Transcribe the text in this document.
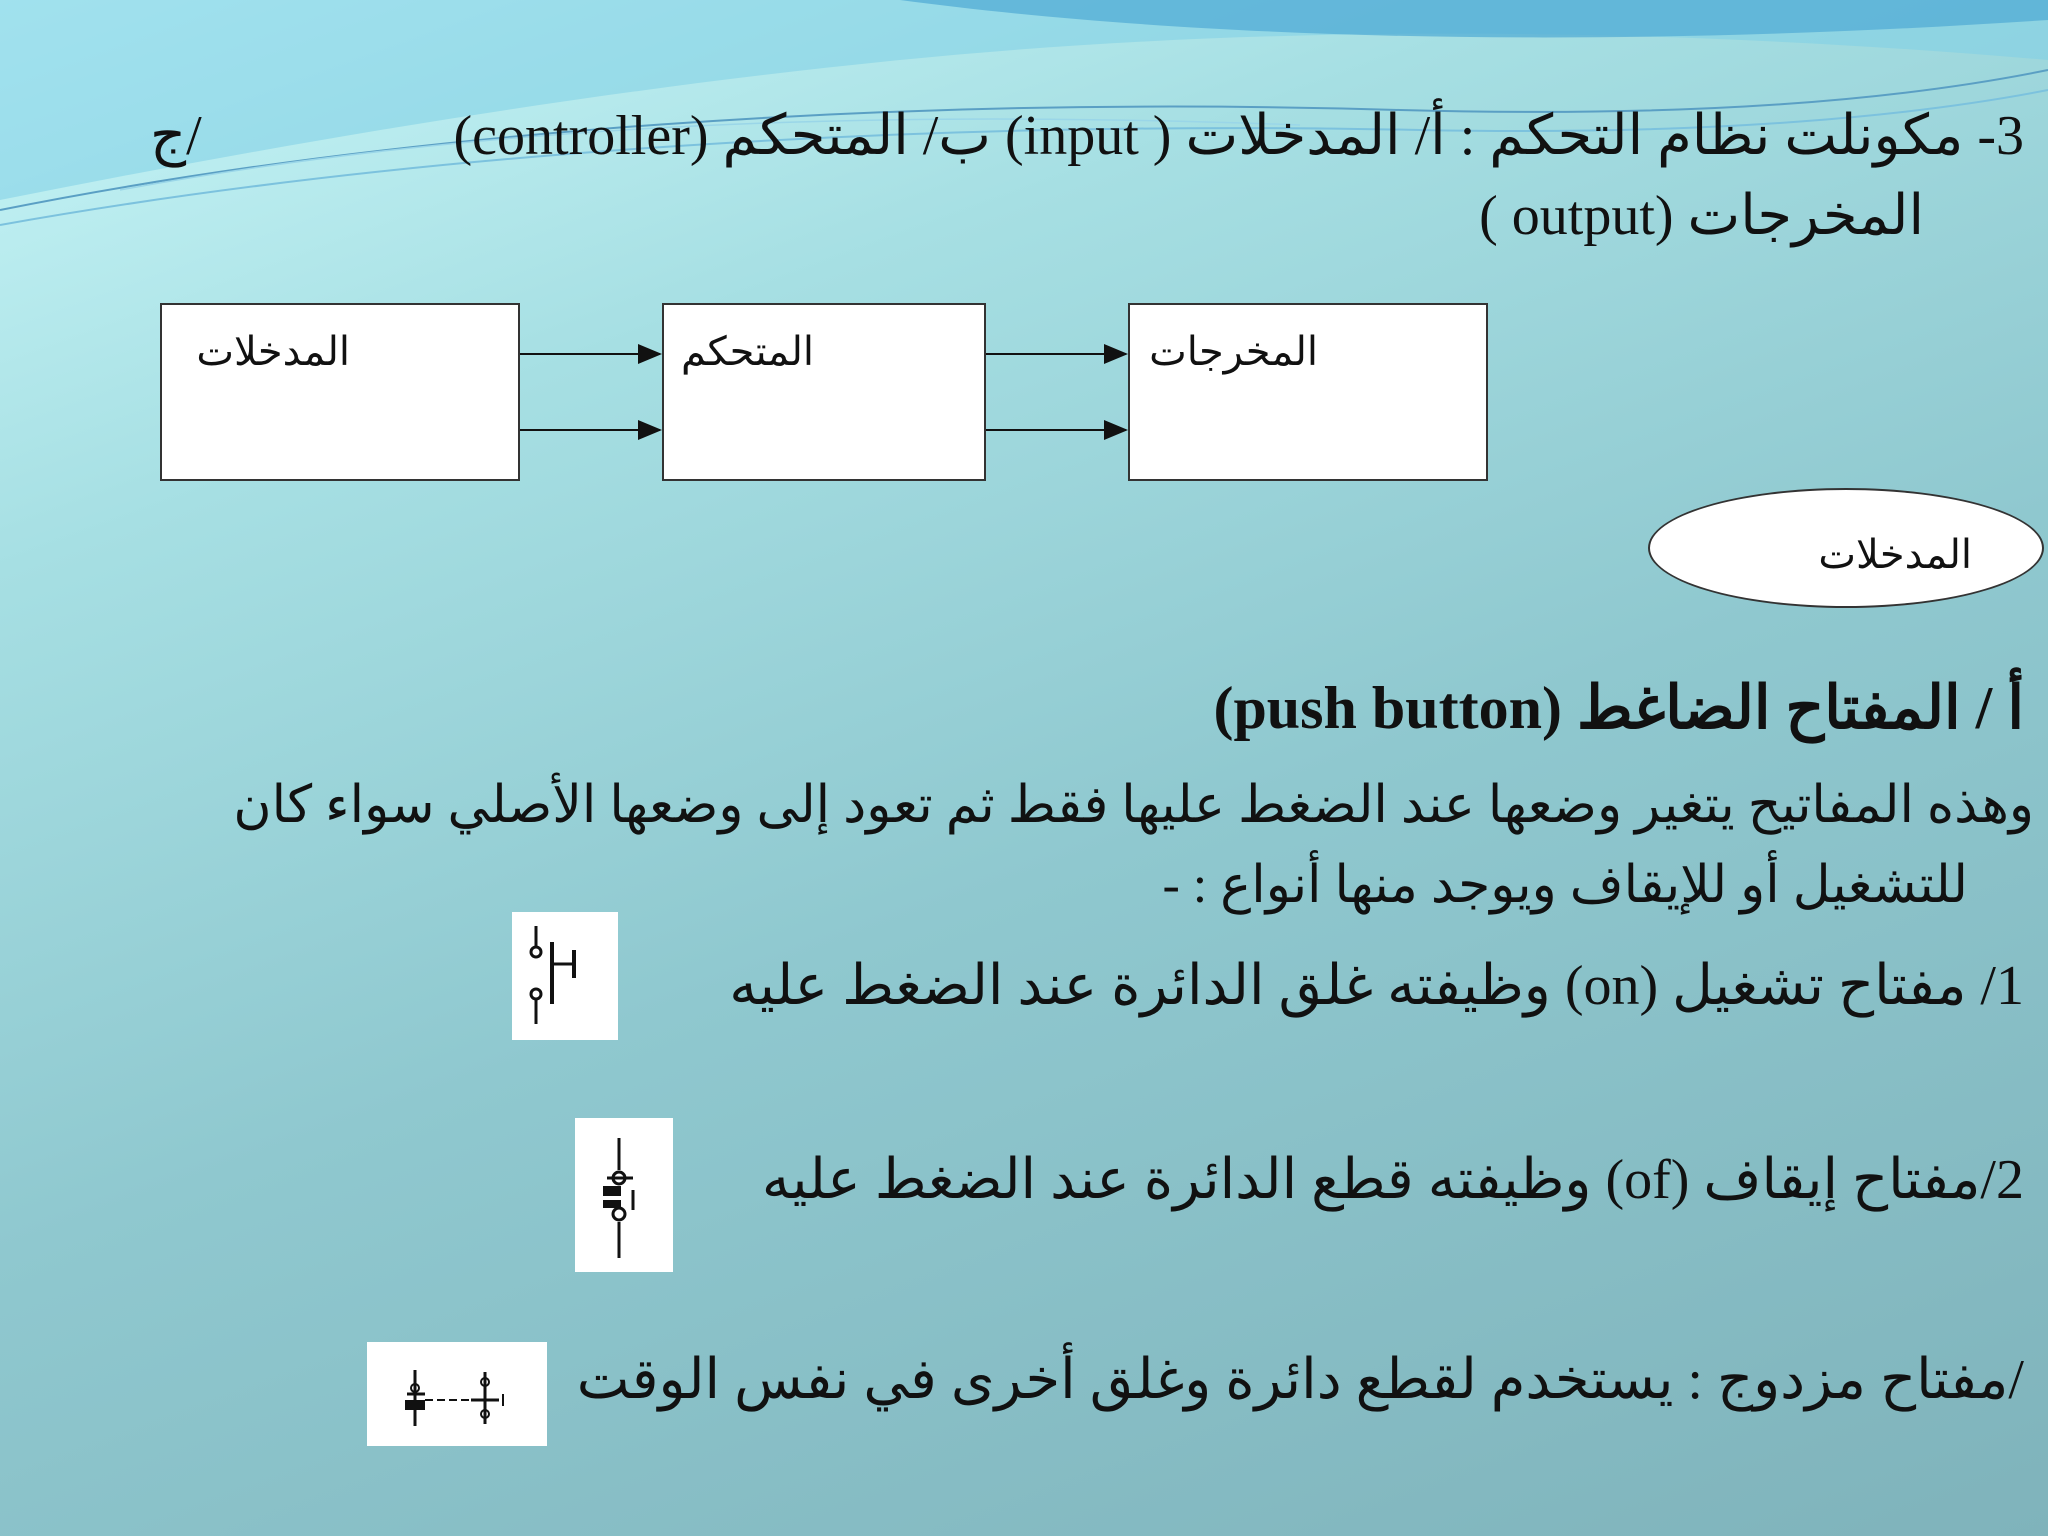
3- مكونلت نظام التحكم : أ/ المدخلات ( input) ب/ المتحكم (controller)
ج/
المخرجات (output )
المدخلات	المتحكم	المخرجات
المدخلات
أ / المفتاح الضاغط (push button)
وهذه المفاتيح يتغير وضعها عند الضغط عليها فقط ثم تعود إلى وضعها الأصلي سواء كان
للتشغيل أو للإيقاف ويوجد منها أنواع : -
1/ مفتاح تشغيل (on) وظيفته غلق الدائرة عند الضغط عليه
2/مفتاح إيقاف (of) وظيفته قطع الدائرة عند الضغط عليه
/مفتاح مزدوج : يستخدم لقطع دائرة وغلق أخرى في نفس الوقت
